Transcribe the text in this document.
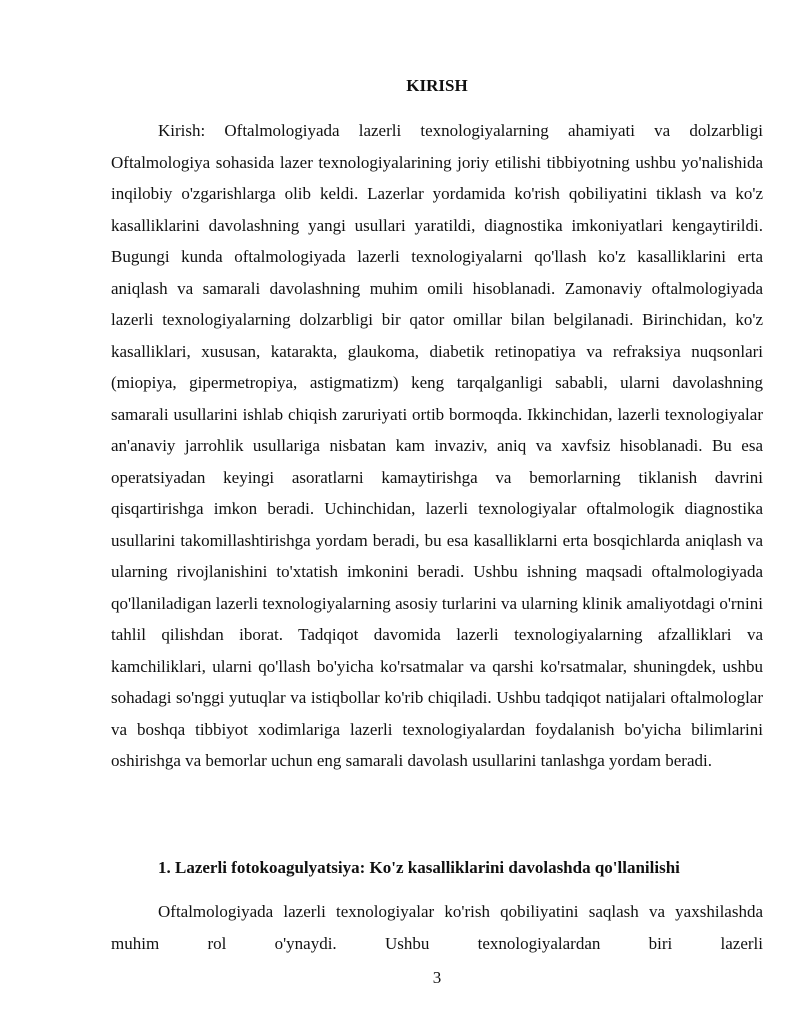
KIRISH

Kirish: Oftalmologiyada lazerli texnologiyalarning ahamiyati va dolzarbligi Oftalmologiya sohasida lazer texnologiyalarining joriy etilishi tibbiyotning ushbu yo'nalishida inqilobiy o'zgarishlarga olib keldi. Lazerlar yordamida ko'rish qobiliyatini tiklash va ko'z kasalliklarini davolashning yangi usullari yaratildi, diagnostika imkoniyatlari kengaytirildi. Bugungi kunda oftalmologiyada lazerli texnologiyalarni qo'llash ko'z kasalliklarini erta aniqlash va samarali davolashning muhim omili hisoblanadi. Zamonaviy oftalmologiyada lazerli texnologiyalarning dolzarbligi bir qator omillar bilan belgilanadi. Birinchidan, ko'z kasalliklari, xususan, katarakta, glaukoma, diabetik retinopatiya va refraksiya nuqsonlari (miopiya, gipermetropiya, astigmatizm) keng tarqalganligi sababli, ularni davolashning samarali usullarini ishlab chiqish zaruriyati ortib bormoqda. Ikkinchidan, lazerli texnologiyalar an'anaviy jarrohlik usullariga nisbatan kam invaziv, aniq va xavfsiz hisoblanadi. Bu esa operatsiyadan keyingi asoratlarni kamaytirishga va bemorlarning tiklanish davrini qisqartirishga imkon beradi. Uchinchidan, lazerli texnologiyalar oftalmologik diagnostika usullarini takomillashtirishga yordam beradi, bu esa kasalliklarni erta bosqichlarda aniqlash va ularning rivojlanishini to'xtatish imkonini beradi. Ushbu ishning maqsadi oftalmologiyada qo'llaniladigan lazerli texnologiyalarning asosiy turlarini va ularning klinik amaliyotdagi o'rnini tahlil qilishdan iborat. Tadqiqot davomida lazerli texnologiyalarning afzalliklari va kamchiliklari, ularni qo'llash bo'yicha ko'rsatmalar va qarshi ko'rsatmalar, shuningdek, ushbu sohadagi so'nggi yutuqlar va istiqbollar ko'rib chiqiladi. Ushbu tadqiqot natijalari oftalmologlar va boshqa tibbiyot xodimlariga lazerli texnologiyalardan foydalanish bo'yicha bilimlarini oshirishga va bemorlar uchun eng samarali davolash usullarini tanlashga yordam beradi.

1. Lazerli fotokoagulyatsiya: Ko'z kasalliklarini davolashda qo'llanilishi

Oftalmologiyada lazerli texnologiyalar ko'rish qobiliyatini saqlash va yaxshilashda muhim rol o'ynaydi. Ushbu texnologiyalardan biri lazerli

3
